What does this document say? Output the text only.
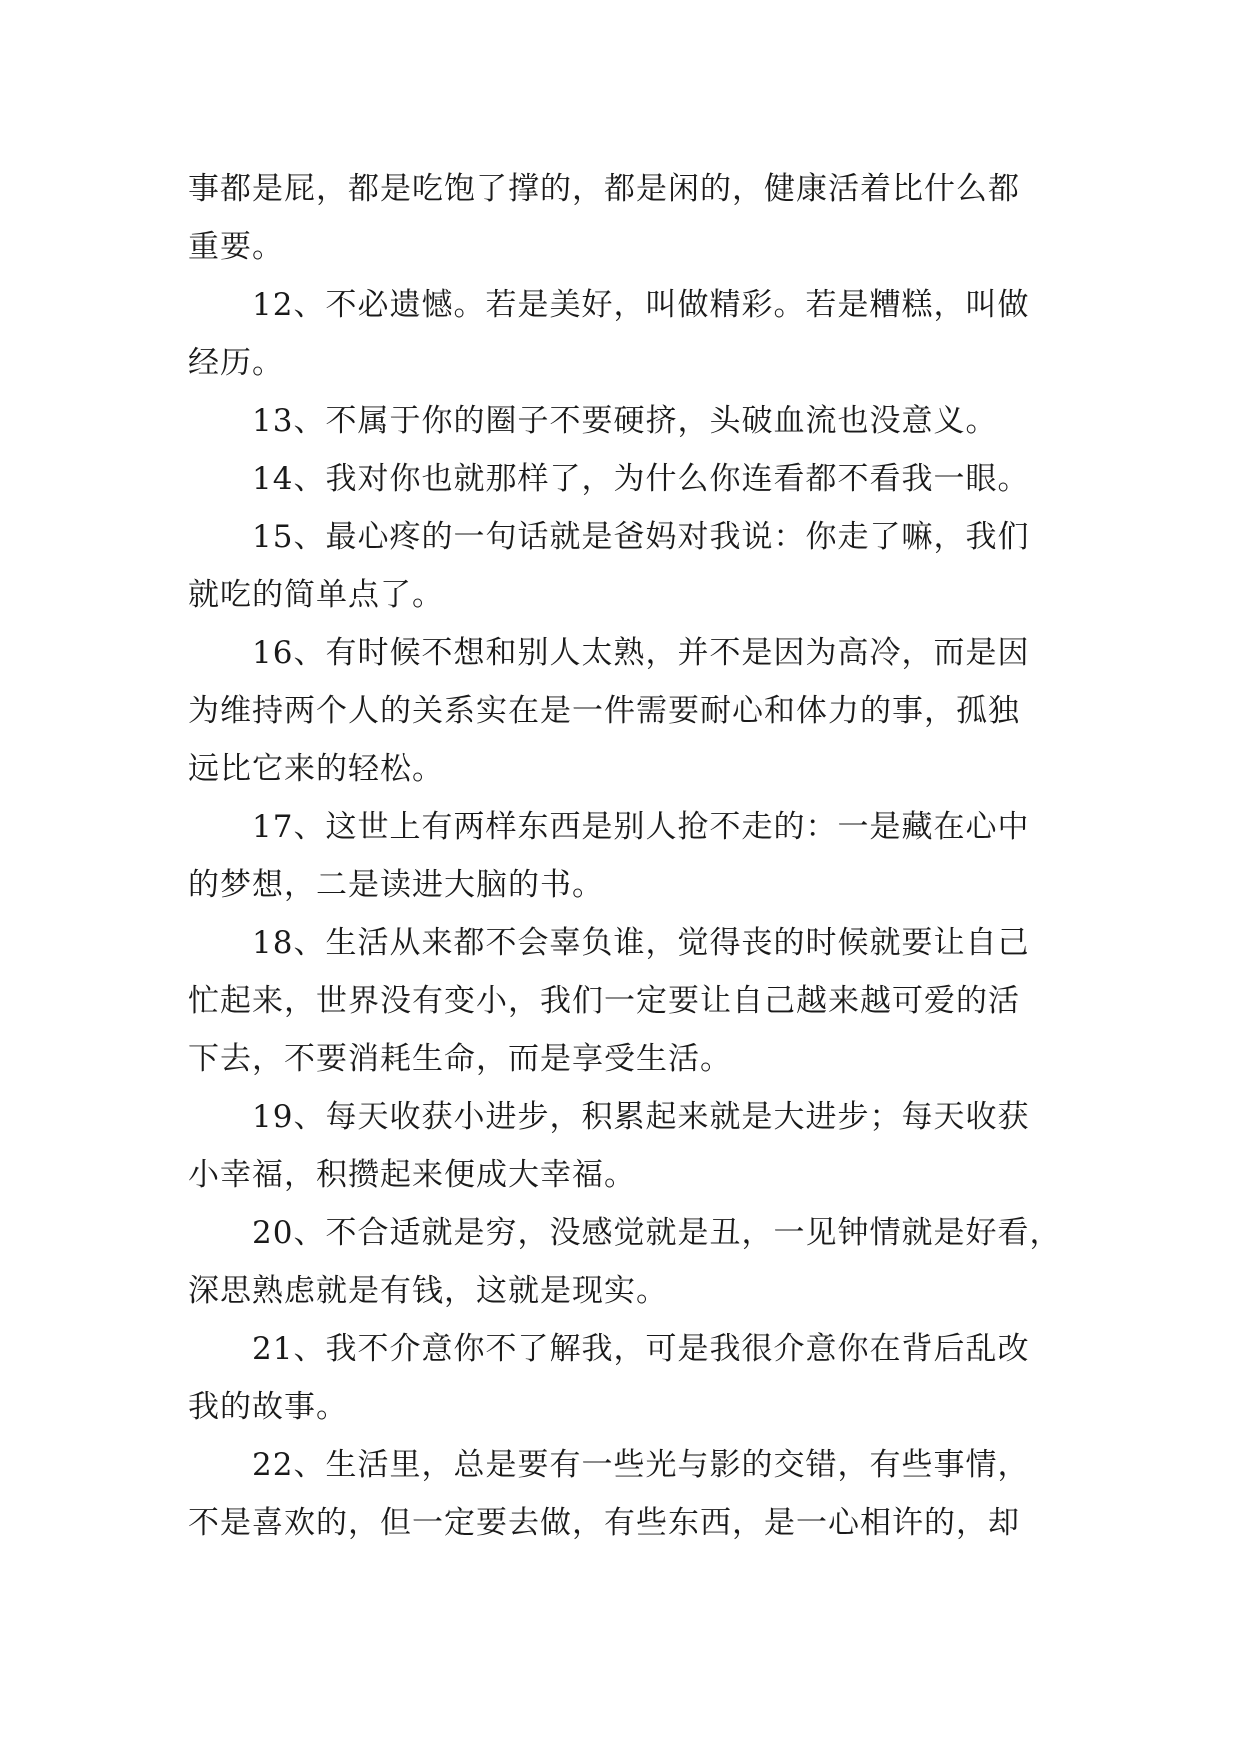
事都是屁，都是吃饱了撑的，都是闲的，健康活着比什么都
重要。
12、不必遗憾。若是美好，叫做精彩。若是糟糕，叫做
经历。
13、不属于你的圈子不要硬挤，头破血流也没意义。
14、我对你也就那样了，为什么你连看都不看我一眼。
15、最心疼的一句话就是爸妈对我说：你走了嘛，我们
就吃的简单点了。
16、有时候不想和别人太熟，并不是因为高冷，而是因
为维持两个人的关系实在是一件需要耐心和体力的事，孤独
远比它来的轻松。
17、这世上有两样东西是别人抢不走的：一是藏在心中
的梦想，二是读进大脑的书。
18、生活从来都不会辜负谁，觉得丧的时候就要让自己
忙起来，世界没有变小，我们一定要让自己越来越可爱的活
下去，不要消耗生命，而是享受生活。
19、每天收获小进步，积累起来就是大进步；每天收获
小幸福，积攒起来便成大幸福。
20、不合适就是穷，没感觉就是丑，一见钟情就是好看，
深思熟虑就是有钱，这就是现实。
21、我不介意你不了解我，可是我很介意你在背后乱改
我的故事。
22、生活里，总是要有一些光与影的交错，有些事情，
不是喜欢的，但一定要去做，有些东西，是一心相许的，却
